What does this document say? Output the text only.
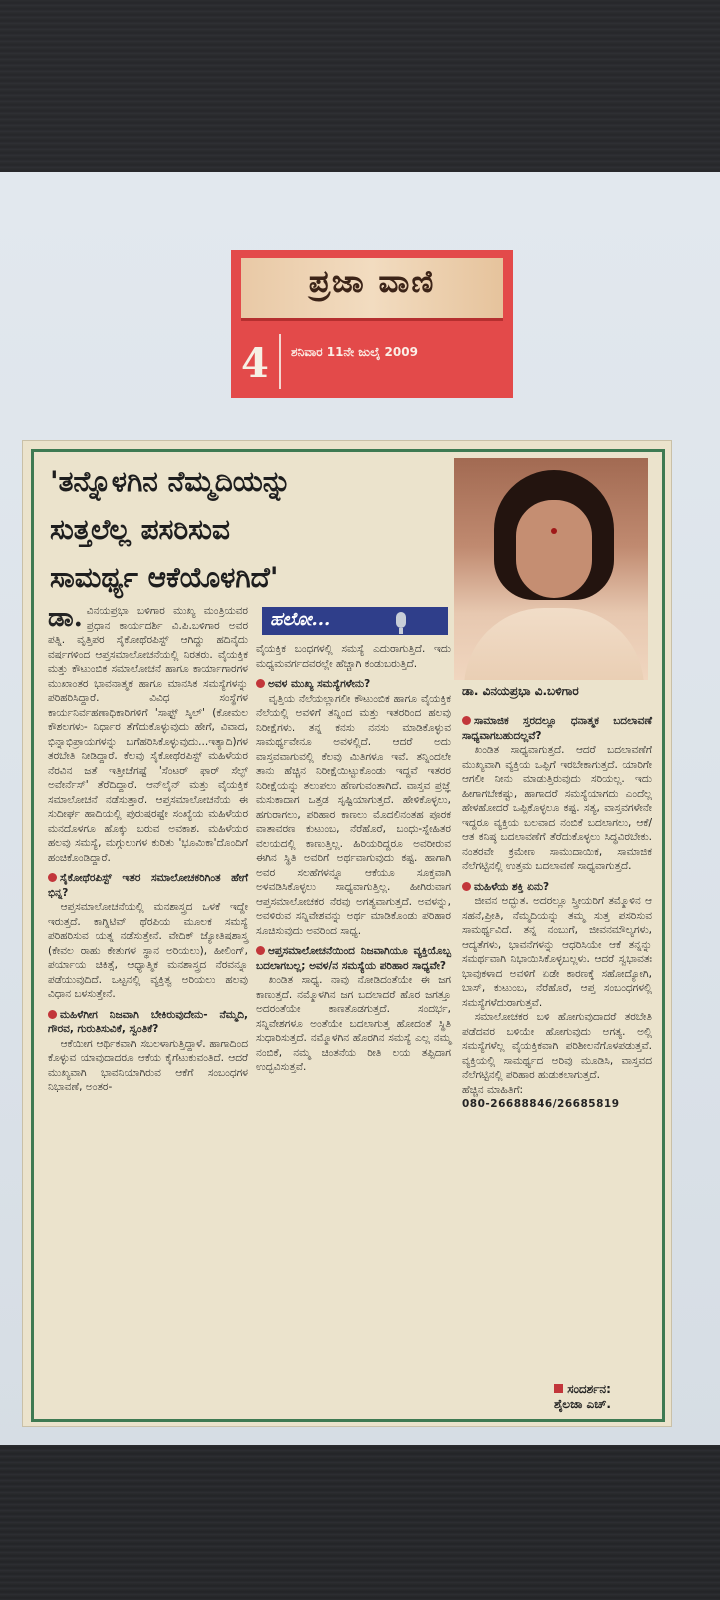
ಪ್ರಜಾ ವಾಣಿ
4 ಶನಿವಾರ 11ನೇ ಜುಲೈ 2009
'ತನ್ನೊಳಗಿನ ನೆಮ್ಮದಿಯನ್ನು
ಸುತ್ತಲೆಲ್ಲ ಪಸರಿಸುವ
ಸಾಮರ್ಥ್ಯ ಆಕೆಯೊಳಗಿದೆ'
ಡಾ. ವಿನಯಪ್ರಭಾ ವಿ.ಬಳಿಗಾರ
ಹಲೋ...

ಡಾ. ವಿನಯಪ್ರಭಾ ಬಳಿಗಾರ ಮುಖ್ಯ ಮಂತ್ರಿಯವರ ಪ್ರಧಾನ ಕಾರ್ಯದರ್ಶಿ ವಿ.ಪಿ.ಬಳಿಗಾರ ಅವರ ಪತ್ನಿ. ವೃತ್ತಿಪರ ಸೈಕೋಥೆರಪಿಸ್ಟ್ ಆಗಿದ್ದು ಹದಿನೈದು ವರ್ಷಗಳಿಂದ ಆಪ್ತಸಮಾಲೋಚನೆಯಲ್ಲಿ ನಿರತರು. ವೈಯಕ್ತಿಕ ಮತ್ತು ಕೌಟುಂಬಿಕ ಸಮಾಲೋಚನೆ ಹಾಗೂ ಕಾರ್ಯಾಗಾರಗಳ ಮುಖಾಂತರ ಭಾವನಾತ್ಮಕ ಹಾಗೂ ಮಾನಸಿಕ ಸಮಸ್ಯೆಗಳನ್ನು ಪರಿಹರಿಸಿದ್ದಾರೆ. ವಿವಿಧ ಸಂಸ್ಥೆಗಳ ಕಾರ್ಯನಿರ್ವಹಣಾಧಿಕಾರಿಗಳಿಗೆ 'ಸಾಫ್ಟ್ ಸ್ಕಿಲ್' (ಕೋಮಲ ಕೌಶಲಗಳು- ನಿರ್ಧಾರ ತೆಗೆದುಕೊಳ್ಳುವುದು ಹೇಗೆ, ವಿವಾದ, ಭಿನ್ನಾಭಿಪ್ರಾಯಗಳನ್ನು ಬಗೆಹರಿಸಿಕೊಳ್ಳುವುದು...ಇತ್ಯಾದಿ)ಗಳ ತರಬೇತಿ ನೀಡಿದ್ದಾರೆ. ಕೆಲವು ಸೈಕೋಥೆರಪಿಸ್ಟ್ ಮಹಿಳೆಯರ ನೆರವಿನ ಜತೆ ಇತ್ತೀಚೆಗಷ್ಟೆ 'ಸೆಂಟರ್ ಫಾರ್ ಸೆಲ್ಫ್ ಅವೇರ್ನೆಸ್' ತೆರೆದಿದ್ದಾರೆ. ಆನ್‌ಲೈನ್ ಮತ್ತು ವೈಯಕ್ತಿಕ ಸಮಾಲೋಚನೆ ನಡೆಸುತ್ತಾರೆ. ಆಪ್ತಸಮಾಲೋಚನೆಯ ಈ ಸುದೀರ್ಘ ಹಾದಿಯಲ್ಲಿ ಪುರುಷರಷ್ಟೇ ಸಂಖ್ಯೆಯ ಮಹಿಳೆಯರ ಮನದೊಳಗೂ ಹೊಕ್ಕು ಬರುವ ಅವಕಾಶ. ಮಹಿಳೆಯರ ಹಲವು ಸಮಸ್ಯೆ, ಮಗ್ಗುಲುಗಳ ಕುರಿತು 'ಭೂಮಿಕಾ'ದೊಂದಿಗೆ ಹಂಚಿಕೊಂಡಿದ್ದಾರೆ.

ಸೈಕೋಥೆರಪಿಸ್ಟ್ ಇತರ ಸಮಾಲೋಚಕರಿಗಿಂತ ಹೇಗೆ ಭಿನ್ನ?

ಆಪ್ತಸಮಾಲೋಚನೆಯಲ್ಲಿ ಮನಶಾಸ್ತ್ರದ ಒಳಕೆ ಇದ್ದೇ ಇರುತ್ತದೆ. ಕಾಗ್ನಿಟಿವ್ ಥೆರಪಿಯ ಮೂಲಕ ಸಮಸ್ಯೆ ಪರಿಹರಿಸುವ ಯತ್ನ ನಡೆಸುತ್ತೇನೆ. ವೇದಿಕ್ ಜ್ಯೋತಿಷಶಾಸ್ತ್ರ (ಕೇವಲ ರಾಹು ಕೇತುಗಳ ಸ್ಥಾನ ಅರಿಯಲು), ಹೀಲಿಂಗ್, ಪರ್ಯಾಯ ಚಿಕಿತ್ಸೆ, ಆಧ್ಯಾತ್ಮಿಕ ಮನಶಾಸ್ತ್ರದ ನೆರವನ್ನೂ ಪಡೆಯುವುದಿದೆ. ಒಟ್ಟನಲ್ಲಿ ವ್ಯಕ್ತಿತ್ವ ಅರಿಯಲು ಹಲವು ವಿಧಾನ ಬಳಸುತ್ತೇನೆ.

ಮಹಿಳೆಗೀಗ ನಿಜವಾಗಿ ಬೇಕಿರುವುದೇನು- ನೆಮ್ಮದಿ, ಗೌರವ, ಗುರುತಿಸುವಿಕೆ, ಸ್ವಂತಿಕೆ?

ಆಕೆಯೀಗ ಆರ್ಥಿಕವಾಗಿ ಸಬಲಳಾಗುತ್ತಿದ್ದಾಳೆ. ಹಾಗಾದಿಂದ ಕೊಳ್ಳುವ ಯಾವುದಾದರೂ ಆಕೆಯ ಕೈಗೆಟುಕುವಂತಿದೆ. ಆದರೆ ಮುಖ್ಯವಾಗಿ ಭಾವನಿಯಾಗಿರುವ ಆಕೆಗೆ ಸಂಬಂಧಗಳ ನಿಭಾವಣೆ, ಅಂತರ-

ವೈಯಕ್ತಿಕ ಬಂಧಗಳಲ್ಲಿ ಸಮಸ್ಯೆ ಎದುರಾಗುತ್ತಿದೆ. ಇದು ಮಧ್ಯಮವರ್ಗದವರಲ್ಲೇ ಹೆಚ್ಚಾಗಿ ಕಂಡುಬರುತ್ತಿದೆ.

ಅವಳ ಮುಖ್ಯ ಸಮಸ್ಯೆಗಳೇನು?

ವೃತ್ತಿಯ ನೆಲೆಯಲ್ಲಾಗಲೀ ಕೌಟುಂಬಿಕ ಹಾಗೂ ವೈಯಕ್ತಿಕ ನೆಲೆಯಲ್ಲಿ ಅವಳಿಗೆ ತನ್ನಿಂದ ಮತ್ತು ಇತರರಿಂದ ಹಲವು ನಿರೀಕ್ಷೆಗಳು. ತನ್ನ ಕನಸು ನನಸು ಮಾಡಿಕೊಳ್ಳುವ ಸಾಮರ್ಥ್ಯವೇನೂ ಅವಳಲ್ಲಿದೆ. ಆದರೆ ಅದು ವಾಸ್ತವವಾಗುವಲ್ಲಿ ಕೆಲವು ಮಿತಿಗಳೂ ಇವೆ. ತನ್ನಿಂದಲೇ ತಾನು ಹೆಚ್ಚಿನ ನಿರೀಕ್ಷೆಯಿಟ್ಟುಕೊಂಡು ಇದ್ದವೆ ಇತರರ ನಿರೀಕ್ಷೆಯನ್ನು ತಲುಪಲು ಹೆಣಗುವಂತಾಗಿದೆ. ವಾಸ್ತವ ಪ್ರಜ್ಞೆ ಮಸುಕಾದಾಗ ಒತ್ತಡ ಸೃಷ್ಟಿಯಾಗುತ್ತದೆ. ಹೇಳಿಕೊಳ್ಳಲು, ಹಗುರಾಗಲು, ಪರಿಹಾರ ಕಾಣಲು ಮೊದಲಿನಂತಹ ಪೂರಕ ವಾತಾವರಣ ಕುಟುಂಬ, ನೆರೆಹೊರೆ, ಬಂಧು-ಸ್ನೇಹಿತರ ವಲಯದಲ್ಲಿ ಕಾಣುತ್ತಿಲ್ಲ. ಹಿರಿಯರಿದ್ದರೂ ಅವರೀರುವ ಈಗಿನ ಸ್ಥಿತಿ ಅವರಿಗೆ ಅರ್ಥವಾಗುವುದು ಕಷ್ಟ. ಹಾಗಾಗಿ ಅವರ ಸಲಹೆಗಳನ್ನೂ ಆಕೆಯೂ ಸೂಕ್ತವಾಗಿ ಅಳವಡಿಸಿಕೊಳ್ಳಲು ಸಾಧ್ಯವಾಗುತ್ತಿಲ್ಲ. ಹೀಗಿರುವಾಗ ಆಪ್ತಸಮಾಲೋಚಕರ ನೆರವು ಅಗತ್ಯವಾಗುತ್ತದೆ. ಅವಳನ್ನು, ಅವಳಿರುವ ಸನ್ನಿವೇಶವನ್ನು ಅರ್ಥ ಮಾಡಿಕೊಂಡು ಪರಿಹಾರ ಸೂಚಿಸುವುದು ಅವರಿಂದ ಸಾಧ್ಯ.

ಆಪ್ತಸಮಾಲೋಚನೆಯಿಂದ ನಿಜವಾಗಿಯೂ ವ್ಯಕ್ತಿಯೊಬ್ಬ ಬದಲಾಗಬಲ್ಲ; ಅವಳ/ನ ಸಮಸ್ಯೆಯ ಪರಿಹಾರ ಸಾಧ್ಯವೇ?

ಖಂಡಿತ ಸಾಧ್ಯ. ನಾವು ನೋಡಿದಂತೆಯೇ ಈ ಜಗ ಕಾಣುತ್ತದೆ. ನಮ್ಮೊಳಗಿನ ಜಗ ಬದಲಾದರೆ ಹೊರ ಜಗತ್ತೂ ಅದರಂತೆಯೇ ಕಾಣತೊಡಗುತ್ತದೆ. ಸಂದರ್ಭ, ಸನ್ನಿವೇಶಗಳೂ ಅಂತೆಯೇ ಬದಲಾಗುತ್ತ ಹೋದಂತೆ ಸ್ಥಿತಿ ಸುಧಾರಿಸುತ್ತದೆ. ನಮ್ಮೊಳಗಿನ ಹೊರಗಿನ ಸಮಸ್ಯೆ ಎಲ್ಲ ನಮ್ಮ ನಂಬಿಕೆ, ನಮ್ಮ ಚಿಂತನೆಯ ರೀತಿ ಲಯ ತಪ್ಪಿದಾಗ ಉದ್ಭವಿಸುತ್ತವೆ.

ಸಾಮಾಜಿಕ ಸ್ತರದಲ್ಲೂ ಧನಾತ್ಮಕ ಬದಲಾವಣೆ ಸಾಧ್ಯವಾಗಬಹುದಲ್ಲವೆ?

ಖಂಡಿತ ಸಾಧ್ಯವಾಗುತ್ತದೆ. ಆದರೆ ಬದಲಾವಣೆಗೆ ಮುಖ್ಯವಾಗಿ ವ್ಯಕ್ತಿಯ ಒಪ್ಪಿಗೆ ಇರಬೇಕಾಗುತ್ತದೆ. ಯಾರಿಗೇ ಆಗಲೀ ನೀನು ಮಾಡುತ್ತಿರುವುದು ಸರಿಯಲ್ಲ. ಇದು ಹೀಗಾಗಬೇಕಷ್ಟು, ಹಾಗಾದರೆ ಸಮಸ್ಯೆಯಾಗದು ಎಂದೆಲ್ಲ ಹೇಳಹೋದರೆ ಒಪ್ಪಿಕೊಳ್ಳಲೂ ಕಷ್ಟ. ಸತ್ಯ, ವಾಸ್ತವಗಳೇನೇ ಇದ್ದರೂ ವ್ಯಕ್ತಿಯ ಬಲವಾದ ನಂಬಿಕೆ ಬದಲಾಗಲು, ಆಕೆ/ಆತ ಕನಿಷ್ಠ ಬದಲಾವಣೆಗೆ ತೆರೆದುಕೊಳ್ಳಲು ಸಿದ್ಧವಿರಬೇಕು. ನಂತರವೇ ಕ್ರಮೇಣ ಸಾಮುದಾಯಿಕ, ಸಾಮಾಜಿಕ ನೆಲೆಗಟ್ಟಿನಲ್ಲಿ ಉತ್ತಮ ಬದಲಾವಣೆ ಸಾಧ್ಯವಾಗುತ್ತದೆ.

ಮಹಿಳೆಯ ಶಕ್ತಿ ಏನು?

ಜೀವನ ಅದ್ಭುತ. ಅದರಲ್ಲೂ ಸ್ತ್ರೀಯರಿಗೆ ತಮ್ಮೊಳಿನ ಆ ಸಹನೆ,ಪ್ರೀತಿ, ನೆಮ್ಮದಿಯನ್ನು ತಮ್ಮ ಸುತ್ತ ಪಸರಿಸುವ ಸಾಮರ್ಥ್ಯವಿದೆ. ತನ್ನ ನಂಬುಗೆ, ಜೀವನಮೌಲ್ಯಗಳು, ಆದ್ಯತೆಗಳು, ಭಾವನೆಗಳನ್ನು ಆಧರಿಸಿಯೇ ಆಕೆ ತನ್ನನ್ನು ಸಮರ್ಥವಾಗಿ ನಿಭಾಯಿಸಿಕೊಳ್ಳಬಲ್ಲಳು. ಆದರೆ ಸ್ವಭಾವತಃ ಭಾವುಕಳಾದ ಅವಳಿಗೆ ಏಡೇ ಕಾರಣಕ್ಕೆ ಸಹೋದ್ಯೋಗಿ, ಬಾಸ್, ಕುಟುಂಬ, ನೆರೆಹೊರೆ, ಆಪ್ತ ಸಂಬಂಧಗಳಲ್ಲಿ ಸಮಸ್ಯೆಗಳೆದುರಾಗುತ್ತವೆ.

ಸಮಾಲೋಚಕರ ಬಳಿ ಹೋಗುವುದಾದರೆ ತರಬೇತಿ ಪಡೆದವರ ಬಳಿಯೇ ಹೋಗುವುದು ಅಗತ್ಯ. ಅಲ್ಲಿ ಸಮಸ್ಯೆಗಳೆಲ್ಲ ವೈಯಕ್ತಿಕವಾಗಿ ಪರಿಶೀಲನೆಗೊಳಪಡುತ್ತವೆ. ವ್ಯಕ್ತಿಯಲ್ಲಿ ಸಾಮರ್ಥ್ಯದ ಅರಿವು ಮೂಡಿಸಿ, ವಾಸ್ತವದ ನೆಲೆಗಟ್ಟಿನಲ್ಲಿ ಪರಿಹಾರ ಹುಡುಕಲಾಗುತ್ತದೆ.

ಹೆಚ್ಚಿನ ಮಾಹಿತಿಗೆ:

080-26688846/26685819

ಸಂದರ್ಶನ:
ಶೈಲಜಾ ಎಚ್.
